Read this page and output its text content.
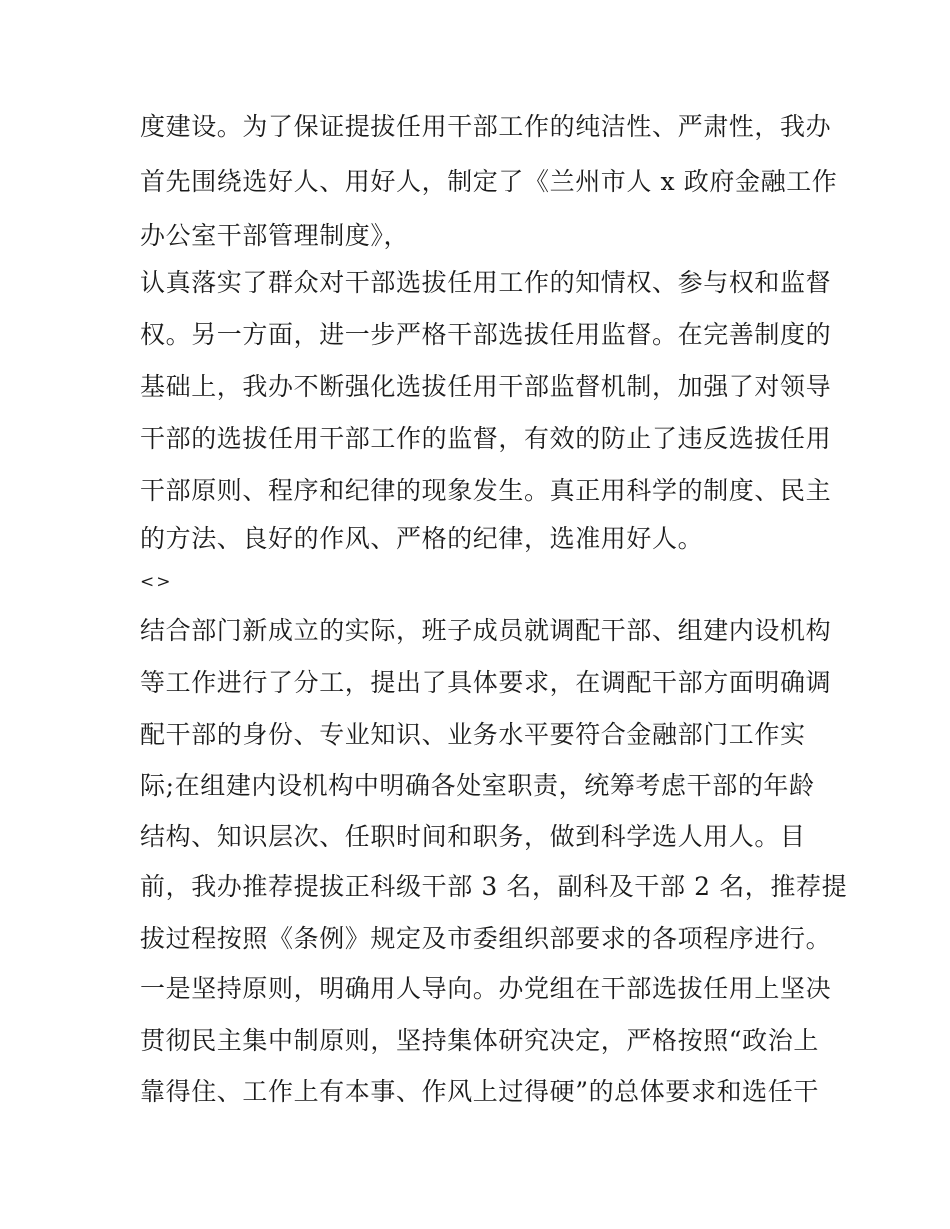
度建设。为了保证提拔任用干部工作的纯洁性、严肃性，我办
首先围绕选好人、用好人，制定了《兰州市人 x 政府金融工作
办公室干部管理制度》，
认真落实了群众对干部选拔任用工作的知情权、参与权和监督
权。另一方面，进一步严格干部选拔任用监督。在完善制度的
基础上，我办不断强化选拔任用干部监督机制，加强了对领导
干部的选拔任用干部工作的监督，有效的防止了违反选拔任用
干部原则、程序和纪律的现象发生。真正用科学的制度、民主
的方法、良好的作风、严格的纪律，选准用好人。
<>
结合部门新成立的实际，班子成员就调配干部、组建内设机构
等工作进行了分工，提出了具体要求，在调配干部方面明确调
配干部的身份、专业知识、业务水平要符合金融部门工作实
际;在组建内设机构中明确各处室职责，统筹考虑干部的年龄
结构、知识层次、任职时间和职务，做到科学选人用人。目
前，我办推荐提拔正科级干部 3 名，副科及干部 2 名，推荐提
拔过程按照《条例》规定及市委组织部要求的各项程序进行。
一是坚持原则，明确用人导向。办党组在干部选拔任用上坚决
贯彻民主集中制原则，坚持集体研究决定，严格按照“政治上
靠得住、工作上有本事、作风上过得硬”的总体要求和选任干
